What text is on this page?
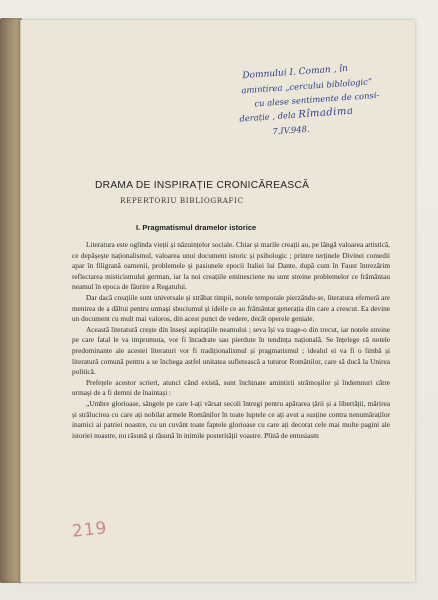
Domnului I. Coman , în
amintirea „cercului biblologic”
cu alese sentimente de consi-
derație , dela Rîmadima
7.IV.948.
DRAMA DE INSPIRAȚIE CRONICĂREASCĂ
REPERTORIU BIBLIOGRAFIC
I. Pragmatismul dramelor istorice

Literatura este oglinda vieții și năzuințelor sociale. Chiar și marile creații au, pe lângă valoarea artistică, ce depășește naționalismul, valoarea unui document istoric și psihologic ; printre terținele Divinei comedii apar în filigrană oamenii, problemele și pasiunele epocii Italiei lui Dante, după cum în Faust întrezărim reflectarea misticismului german, iar la noi creațiile eminesciene nu sunt streine problemelor ce frământau neamul în epoca de făurire a Regatului.

Dar dacă creațiile sunt universale și străbat timpii, notele temporale pierzându-se, literatura efemeră are menirea de a dăltui pentru urmași sbuciumul și ideile ce au frământat generația din care a crescut. Ea devine un document cu mult mai valoros, din acest punct de vedere, decât operele geniale.

Această literatură crește din înseși aspirațiile neamului ; seva își va trage-o din trecut, iar notele streine pe care fatal le va imprumuta, vor fi încadrate sau pierdute în tendința națională. Se înțelege că notele predominante ale acestei literaturi vor fi tradiționalismul și pragmatismul ; idealul ei va fi o limbă și literatură comună pentru a se închega astfel unitatea sufletească a tuturor Românilor, care să ducă la Unirea politică.

Prefețele acestor scrieri, atunci când există, sunt închinate amintirii strămoșilor și îndemnuri către urmași de a fi demni de înaintași :

„Umbre glorioase, sângele pe care l-ați vărsat secoli întregi pentru apărarea țării și a libertății, mărirea și strălucirea cu care ați nobilat armele Românilor în toate luptele ce ați avut a susține contra nenumăraților inamici ai patriei noastre, cu un cuvânt toate faptele glorioase cu care ați decorat cele mai multe pagini ale istoriei noastre, nu răsună și răsună în inimile posterității voastre. Plină de entusiasm

219
